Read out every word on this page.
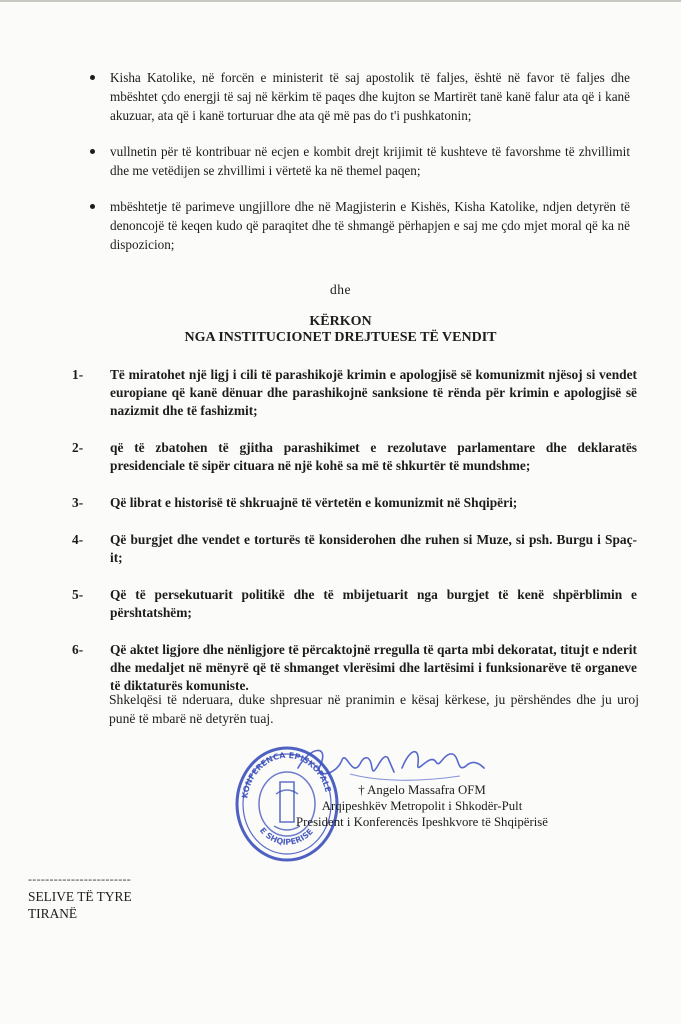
Kisha Katolike, në forcën e ministerit të saj apostolik të faljes, është në favor të faljes dhe mbështet çdo energji të saj në kërkim të paqes dhe kujton se Martirët tanë kanë falur ata që i kanë akuzuar, ata që i kanë torturuar dhe ata që më pas do t'i pushkatonin;
vullnetin për të kontribuar në ecjen e kombit drejt krijimit të kushteve të favorshme të zhvillimit dhe me vetëdijen se zhvillimi i vërtetë ka në themel paqen;
mbështetje të parimeve ungjillore dhe në Magjisterin e Kishës, Kisha Katolike, ndjen detyrën të denoncojë të keqen kudo që paraqitet dhe të shmangë përhapjen e saj me çdo mjet moral që ka në dispozicion;
dhe
KËRKON
NGA INSTITUCIONET DREJTUESE TË VENDIT
1- Të miratohet një ligj i cili të parashikojë krimin e apologjisë së komunizmit njësoj si vendet europiane që kanë dënuar dhe parashikojnë sanksione të rënda për krimin e apologjisë së nazizmit dhe të fashizmit;
2- që të zbatohen të gjitha parashikimet e rezolutave parlamentare dhe deklaratës presidenciale të sipër cituara në një kohë sa më të shkurtër të mundshme;
3- Që librat e historisë të shkruajnë të vërtetën e komunizmit në Shqipëri;
4- Që burgjet dhe vendet e torturës të konsiderohen dhe ruhen si Muze, si psh. Burgu i Spaç-it;
5- Që të persekutuarit politikë dhe të mbijetuarit nga burgjet të kenë shpërblimin e përshtatshëm;
6- Që aktet ligjore dhe nënligjore të përcaktojnë rregulla të qarta mbi dekoratat, titujt e nderit dhe medaljet në mënyrë që të shmanget vlerësimi dhe lartësimi i funksionarëve të organeve të diktaturës komuniste.
Shkelqësi të nderuara, duke shpresuar në pranimin e kësaj kërkese, ju përshëndes dhe ju uroj punë të mbarë në detyrën tuaj.
KONFERENCA EPISKOPALE
E SHQIPERISE
† Angelo Massafra OFM
Arqipeshkëv Metropolit i Shkodër-Pult
President i Konferencës Ipeshkvore të Shqipërisë
------------------------
SELIVE TË TYRE
TIRANË
